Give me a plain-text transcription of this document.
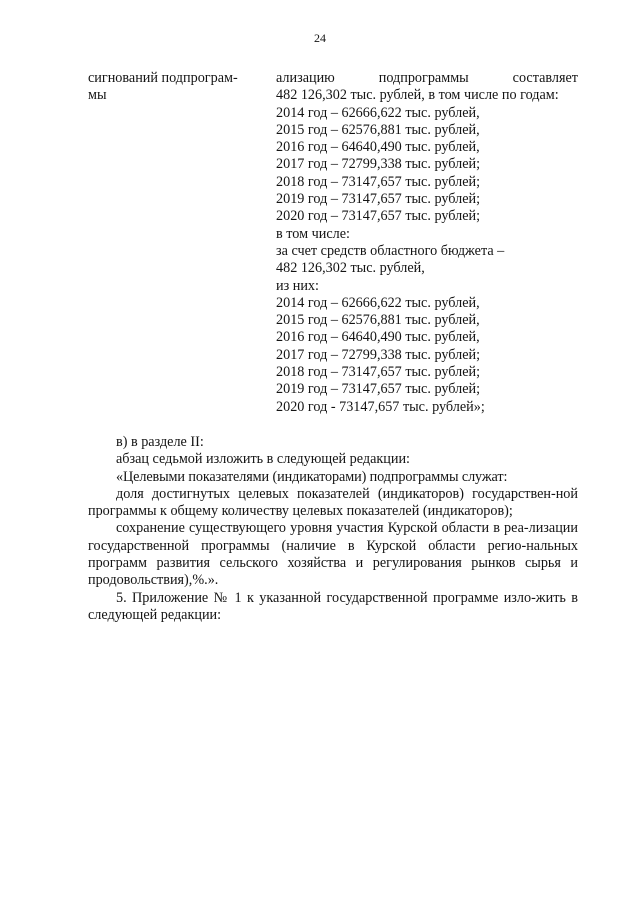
24
сигнований подпрограм-
мы
ализацию	подпрограммы	составляет
482 126,302 тыс. рублей, в том числе по годам:
2014 год – 62666,622 тыс. рублей,
2015 год – 62576,881 тыс. рублей,
2016 год – 64640,490 тыс. рублей,
2017 год – 72799,338 тыс. рублей;
2018 год – 73147,657 тыс. рублей;
2019 год – 73147,657 тыс. рублей;
2020 год – 73147,657 тыс. рублей;
в том числе:
за счет средств областного бюджета –
482 126,302 тыс. рублей,
из них:
2014 год – 62666,622 тыс. рублей,
2015 год – 62576,881 тыс. рублей,
2016 год – 64640,490 тыс. рублей,
2017 год – 72799,338 тыс. рублей;
2018 год – 73147,657 тыс. рублей;
2019 год – 73147,657 тыс. рублей;
2020 год - 73147,657 тыс. рублей»;

в) в разделе II:

абзац седьмой изложить в следующей редакции:

«Целевыми показателями (индикаторами) подпрограммы служат:

доля достигнутых целевых показателей (индикаторов) государствен-ной программы к общему количеству целевых показателей (индикаторов);

сохранение существующего уровня участия Курской области в реа-лизации государственной программы (наличие в Курской области регио-нальных программ развития сельского хозяйства и регулирования рынков сырья и продовольствия),%.».

5. Приложение № 1 к указанной государственной программе изло-жить в следующей редакции:
